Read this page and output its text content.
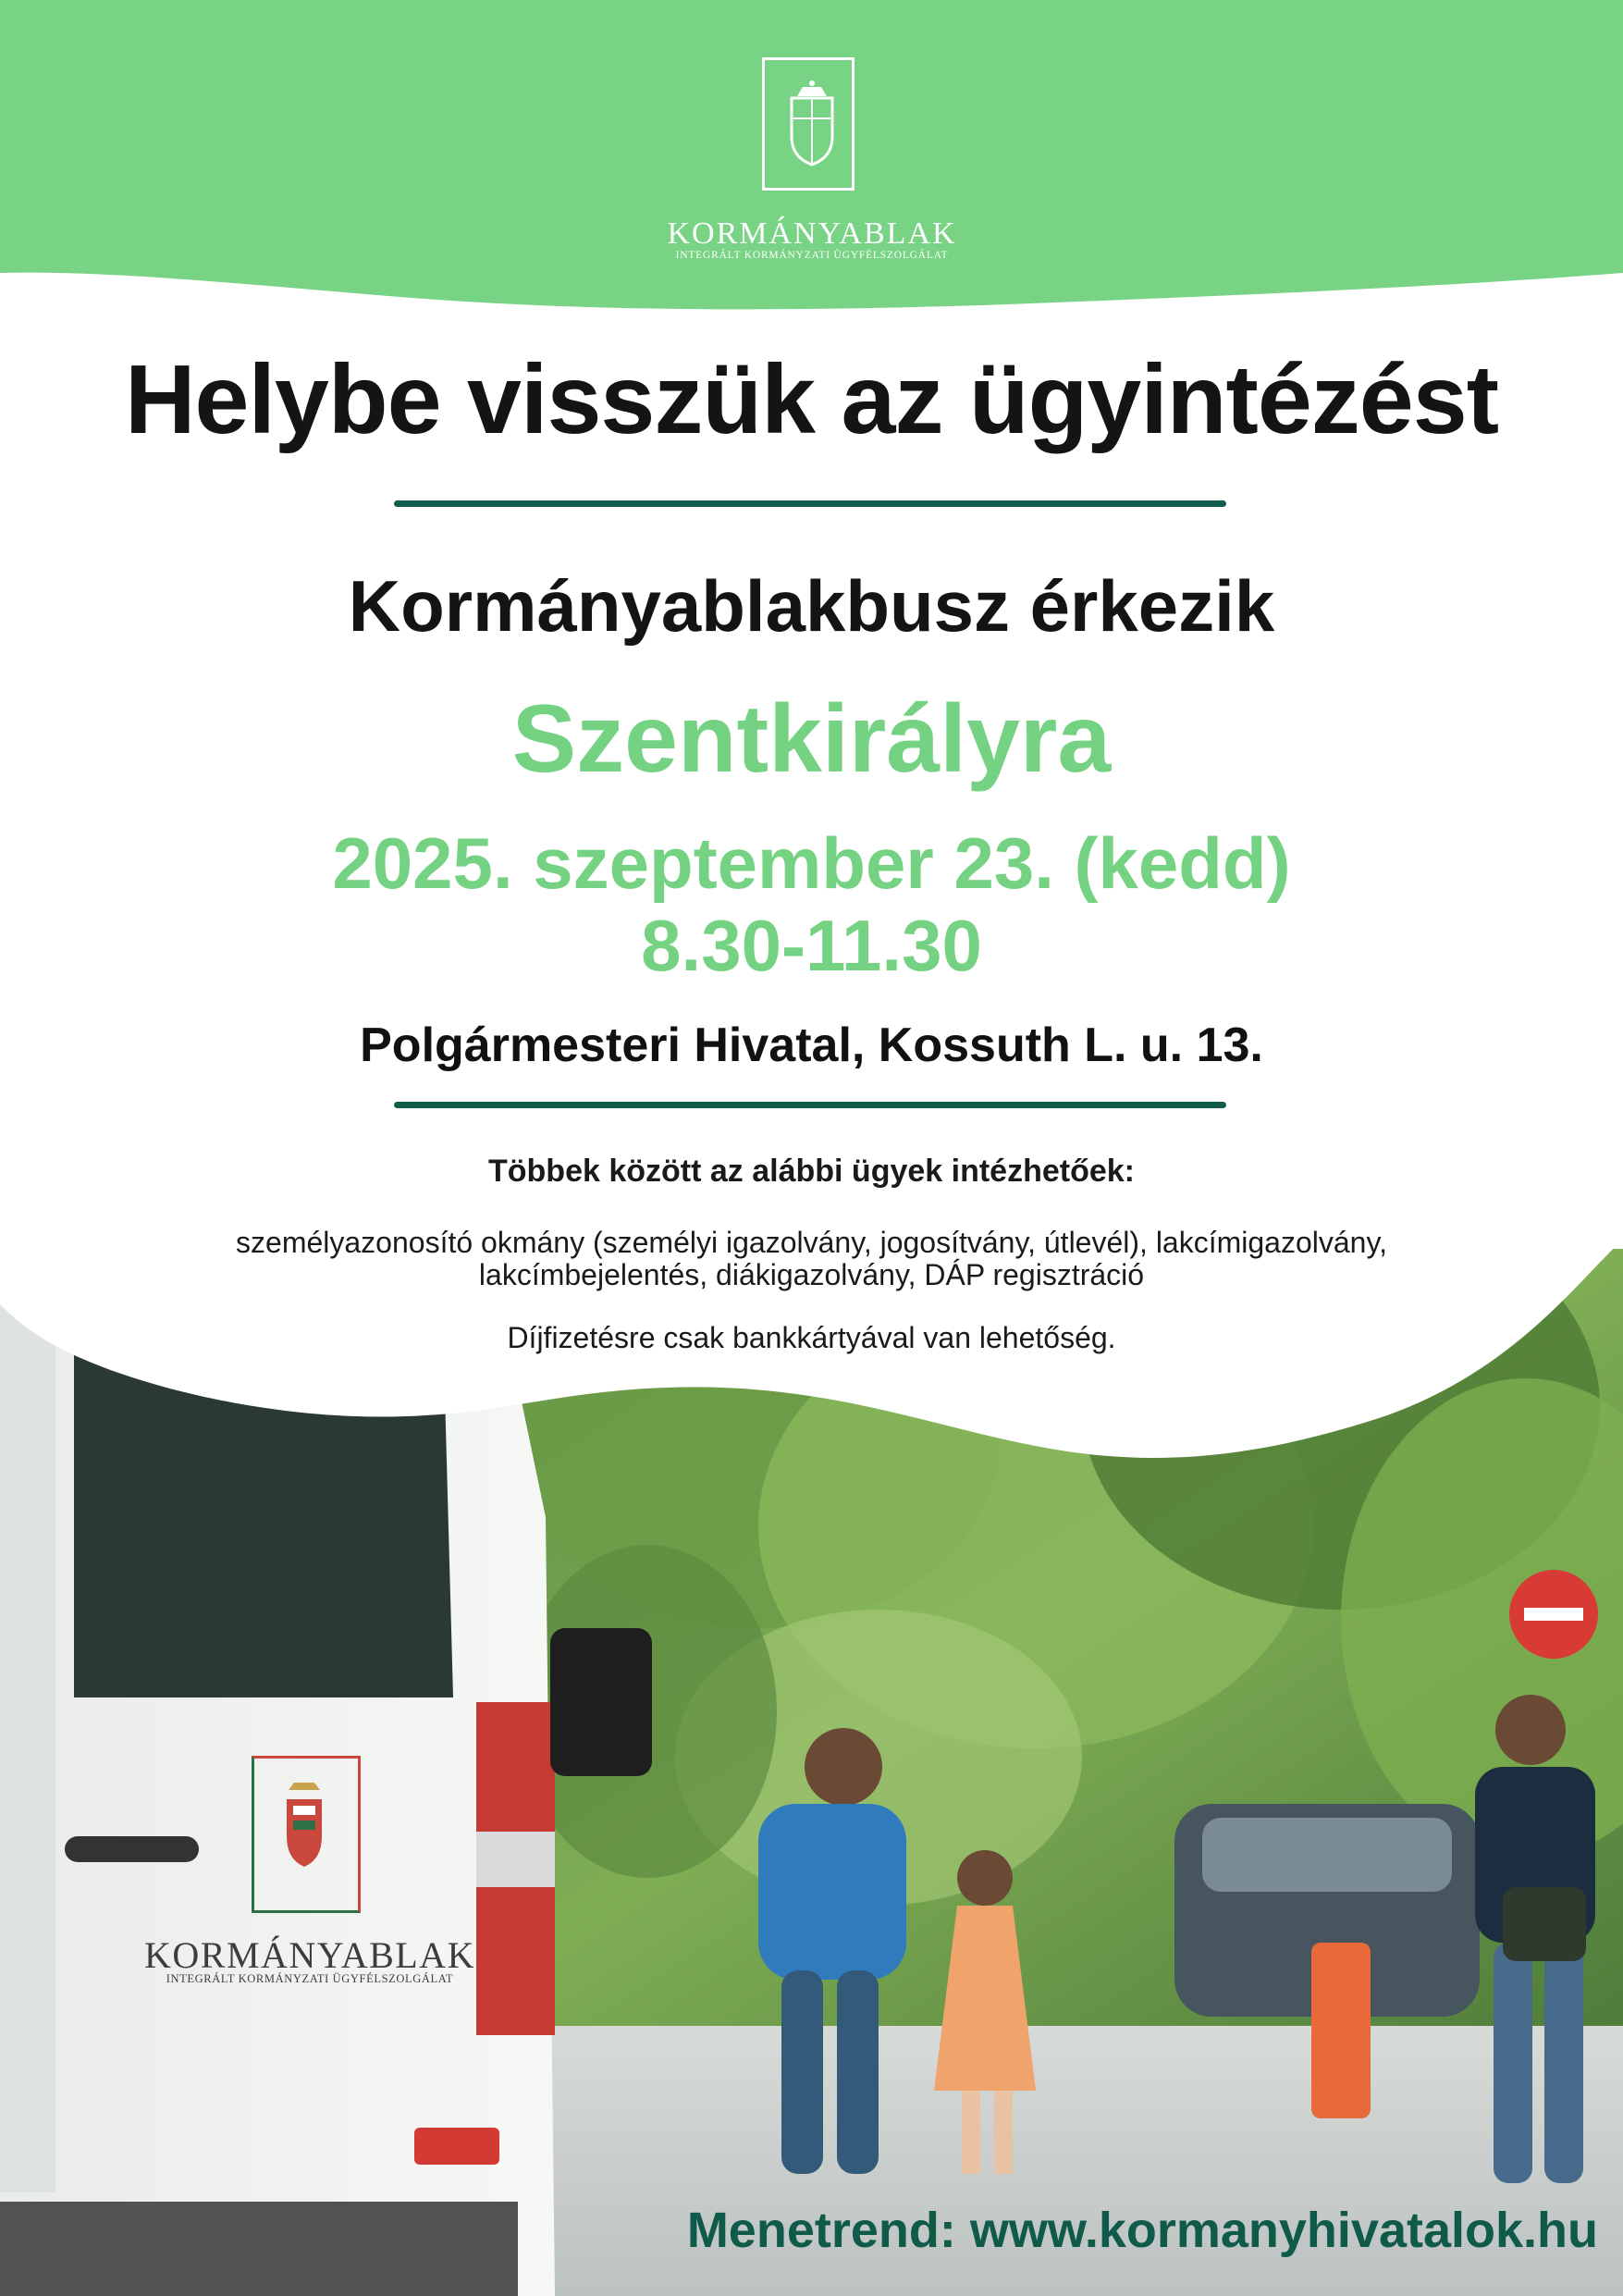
KORMÁNYABLAK
INTEGRÁLT KORMÁNYZATI ÜGYFÉLSZOLGÁLAT
Helybe visszük az ügyintézést
Kormányablakbusz érkezik
Szentkirályra
2025. szeptember 23. (kedd)
8.30-11.30
Polgármesteri Hivatal, Kossuth L. u. 13.
Többek között az alábbi ügyek intézhetőek:
személyazonosító okmány (személyi igazolvány, jogosítvány, útlevél), lakcímigazolvány,
lakcímbejelentés, diákigazolvány, DÁP regisztráció
Díjfizetésre csak bankkártyával van lehetőség.
KORMÁNYABLAK
INTEGRÁLT KORMÁNYZATI ÜGYFÉLSZOLGÁLAT
Menetrend: www.kormanyhivatalok.hu
